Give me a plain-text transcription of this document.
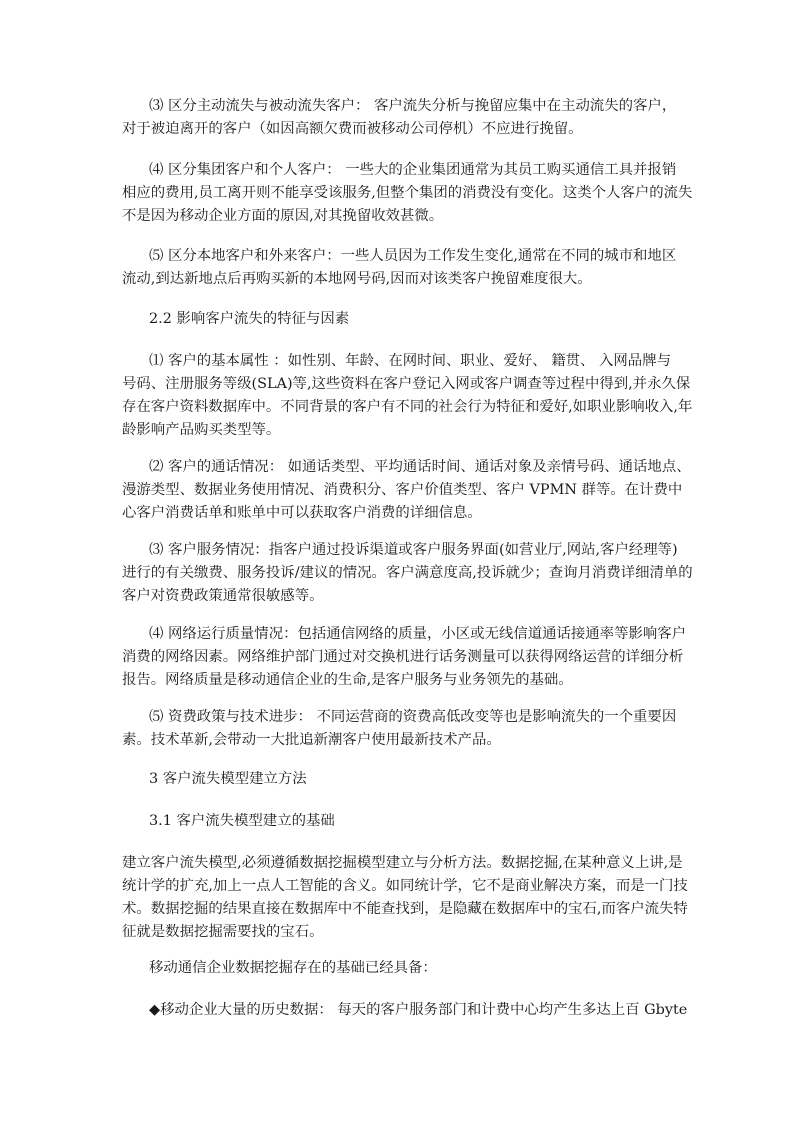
⑶ 区分主动流失与被动流失客户： 客户流失分析与挽留应集中在主动流失的客户，
对于被迫离开的客户（如因高额欠费而被移动公司停机）不应进行挽留。
⑷ 区分集团客户和个人客户： 一些大的企业集团通常为其员工购买通信工具并报销
相应的费用,员工离开则不能享受该服务,但整个集团的消费没有变化。这类个人客户的流失
不是因为移动企业方面的原因,对其挽留收效甚微。
⑸ 区分本地客户和外来客户：一些人员因为工作发生变化,通常在不同的城市和地区
流动,到达新地点后再购买新的本地网号码,因而对该类客户挽留难度很大。
2.2 影响客户流失的特征与因素
⑴ 客户的基本属性 ：如性别、年龄、在网时间、职业、爱好、 籍贯、 入网品牌与
号码、注册服务等级(SLA)等,这些资料在客户登记入网或客户调查等过程中得到,并永久保
存在客户资料数据库中。不同背景的客户有不同的社会行为特征和爱好,如职业影响收入,年
龄影响产品购买类型等。
⑵ 客户的通话情况： 如通话类型、平均通话时间、通话对象及亲情号码、通话地点、
漫游类型、数据业务使用情况、消费积分、客户价值类型、客户 VPMN 群等。在计费中
心客户消费话单和账单中可以获取客户消费的详细信息。
⑶ 客户服务情况：指客户通过投诉渠道或客户服务界面(如营业厅,网站,客户经理等)
进行的有关缴费、服务投诉/建议的情况。客户满意度高,投诉就少；查询月消费详细清单的
客户对资费政策通常很敏感等。
⑷ 网络运行质量情况：包括通信网络的质量，小区或无线信道通话接通率等影响客户
消费的网络因素。网络维护部门通过对交换机进行话务测量可以获得网络运营的详细分析
报告。网络质量是移动通信企业的生命,是客户服务与业务领先的基础。
⑸ 资费政策与技术进步： 不同运营商的资费高低改变等也是影响流失的一个重要因
素。技术革新,会带动一大批追新潮客户使用最新技术产品。
3 客户流失模型建立方法
3.1 客户流失模型建立的基础
建立客户流失模型,必须遵循数据挖掘模型建立与分析方法。数据挖掘,在某种意义上讲,是
统计学的扩充,加上一点人工智能的含义。如同统计学，它不是商业解决方案，而是一门技
术。数据挖掘的结果直接在数据库中不能查找到，是隐藏在数据库中的宝石,而客户流失特
征就是数据挖掘需要找的宝石。
移动通信企业数据挖掘存在的基础已经具备：
◆移动企业大量的历史数据： 每天的客户服务部门和计费中心均产生多达上百 Gbyte
